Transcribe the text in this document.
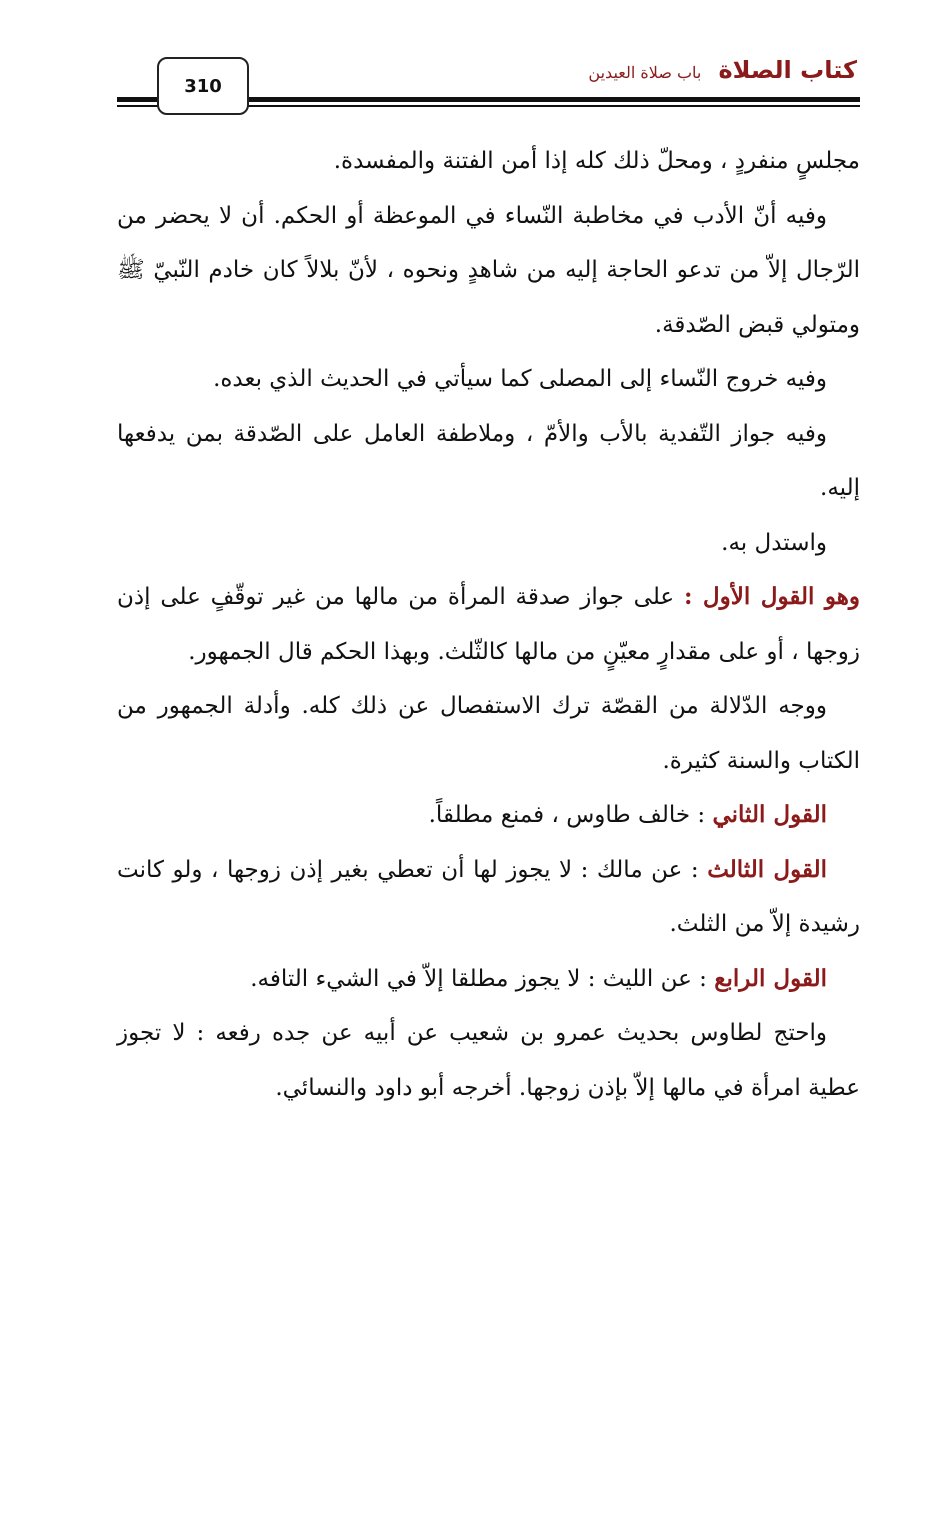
310
كتاب الصلاة باب صلاة العيدين

مجلسٍ منفردٍ ، ومحلّ ذلك كله إذا أمن الفتنة والمفسدة.

وفيه أنّ الأدب في مخاطبة النّساء في الموعظة أو الحكم. أن لا يحضر من الرّجال إلاّ من تدعو الحاجة إليه من شاهدٍ ونحوه ، لأنّ بلالاً كان خادم النّبيّ ﷺ ومتولي قبض الصّدقة.

وفيه خروج النّساء إلى المصلى كما سيأتي في الحديث الذي بعده.

وفيه جواز التّفدية بالأب والأمّ ، وملاطفة العامل على الصّدقة بمن يدفعها إليه.

واستدل به.

وهو القول الأول : على جواز صدقة المرأة من مالها من غير توقّفٍ على إذن زوجها ، أو على مقدارٍ معيّنٍ من مالها كالثّلث. وبهذا الحكم قال الجمهور.

ووجه الدّلالة من القصّة ترك الاستفصال عن ذلك كله. وأدلة الجمهور من الكتاب والسنة كثيرة.

القول الثاني : خالف طاوس ، فمنع مطلقاً.

القول الثالث : عن مالك : لا يجوز لها أن تعطي بغير إذن زوجها ، ولو كانت رشيدة إلاّ من الثلث.

القول الرابع : عن الليث : لا يجوز مطلقا إلاّ في الشيء التافه.

واحتج لطاوس بحديث عمرو بن شعيب عن أبيه عن جده رفعه : لا تجوز عطية امرأة في مالها إلاّ بإذن زوجها. أخرجه أبو داود والنسائي.
